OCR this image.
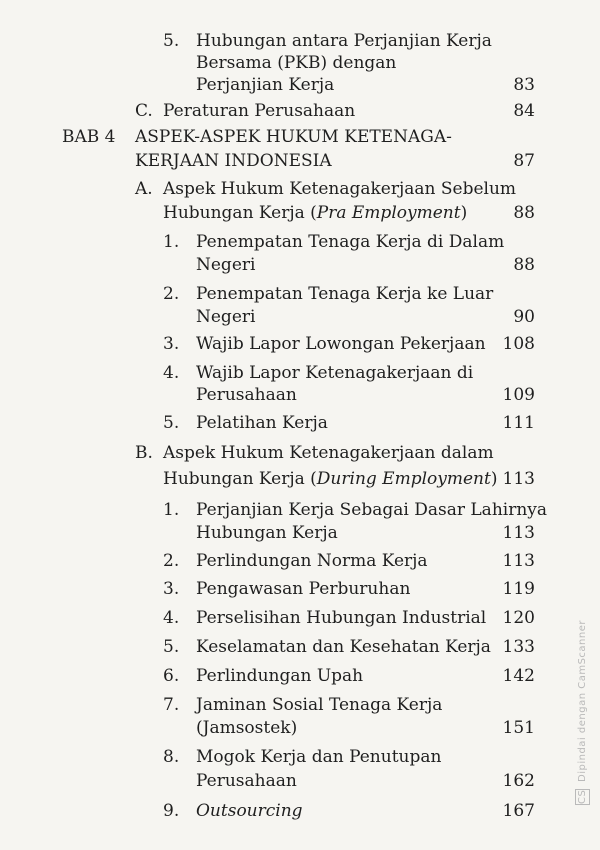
5. Hubungan antara Perjanjian Kerja
Bersama (PKB) dengan
Perjanjian Kerja	83
C. Peraturan Perusahaan	84
BAB 4 ASPEK-ASPEK HUKUM KETENAGA-
KERJAAN INDONESIA	87
A. Aspek Hukum Ketenagakerjaan Sebelum
Hubungan Kerja (Pra Employment)	88
1. Penempatan Tenaga Kerja di Dalam
Negeri	88
2. Penempatan Tenaga Kerja ke Luar
Negeri	90
3. Wajib Lapor Lowongan Pekerjaan	108
4. Wajib Lapor Ketenagakerjaan di
Perusahaan	109
5. Pelatihan Kerja	111
B. Aspek Hukum Ketenagakerjaan dalam
Hubungan Kerja (During Employment) 113
1. Perjanjian Kerja Sebagai Dasar Lahirnya
Hubungan Kerja	113
2. Perlindungan Norma Kerja	113
3. Pengawasan Perburuhan	119
4. Perselisihan Hubungan Industrial 120
5. Keselamatan dan Kesehatan Kerja 133
6. Perlindungan Upah	142
7. Jaminan Sosial Tenaga Kerja
(Jamsostek)	151
8. Mogok Kerja dan Penutupan
Perusahaan	162
9. Outsourcing	167
CS Dipindai dengan CamScanner
